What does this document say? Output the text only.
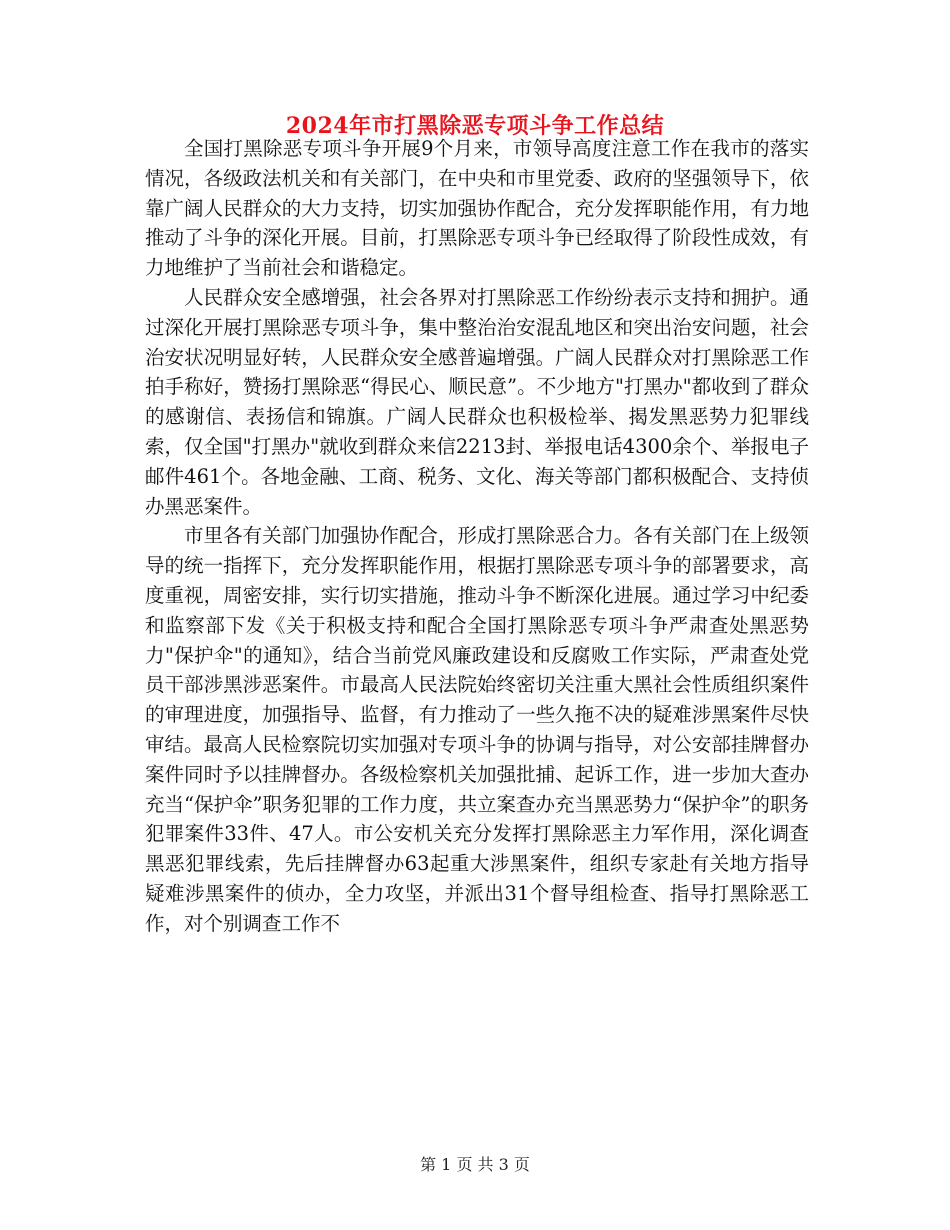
2024年市打黑除恶专项斗争工作总结

全国打黑除恶专项斗争开展9个月来，市领导高度注意工作在我市的落实情况，各级政法机关和有关部门，在中央和市里党委、政府的坚强领导下，依靠广阔人民群众的大力支持，切实加强协作配合，充分发挥职能作用，有力地推动了斗争的深化开展。目前，打黑除恶专项斗争已经取得了阶段性成效，有力地维护了当前社会和谐稳定。

人民群众安全感增强，社会各界对打黑除恶工作纷纷表示支持和拥护。通过深化开展打黑除恶专项斗争，集中整治治安混乱地区和突出治安问题，社会治安状况明显好转，人民群众安全感普遍增强。广阔人民群众对打黑除恶工作拍手称好，赞扬打黑除恶“得民心、顺民意”。不少地方"打黑办"都收到了群众的感谢信、表扬信和锦旗。广阔人民群众也积极检举、揭发黑恶势力犯罪线索，仅全国"打黑办"就收到群众来信2213封、举报电话4300余个、举报电子邮件461个。各地金融、工商、税务、文化、海关等部门都积极配合、支持侦办黑恶案件。

市里各有关部门加强协作配合，形成打黑除恶合力。各有关部门在上级领导的统一指挥下，充分发挥职能作用，根据打黑除恶专项斗争的部署要求，高度重视，周密安排，实行切实措施，推动斗争不断深化进展。通过学习中纪委和监察部下发《关于积极支持和配合全国打黑除恶专项斗争严肃查处黑恶势力"保护伞"的通知》，结合当前党风廉政建设和反腐败工作实际，严肃查处党员干部涉黑涉恶案件。市最高人民法院始终密切关注重大黑社会性质组织案件的审理进度，加强指导、监督，有力推动了一些久拖不决的疑难涉黑案件尽快审结。最高人民检察院切实加强对专项斗争的协调与指导，对公安部挂牌督办案件同时予以挂牌督办。各级检察机关加强批捕、起诉工作，进一步加大查办充当“保护伞”职务犯罪的工作力度，共立案查办充当黑恶势力“保护伞”的职务犯罪案件33件、47人。市公安机关充分发挥打黑除恶主力军作用，深化调查黑恶犯罪线索，先后挂牌督办63起重大涉黑案件，组织专家赴有关地方指导疑难涉黑案件的侦办，全力攻坚，并派出31个督导组检查、指导打黑除恶工作，对个别调查工作不

第 1 页 共 3 页
